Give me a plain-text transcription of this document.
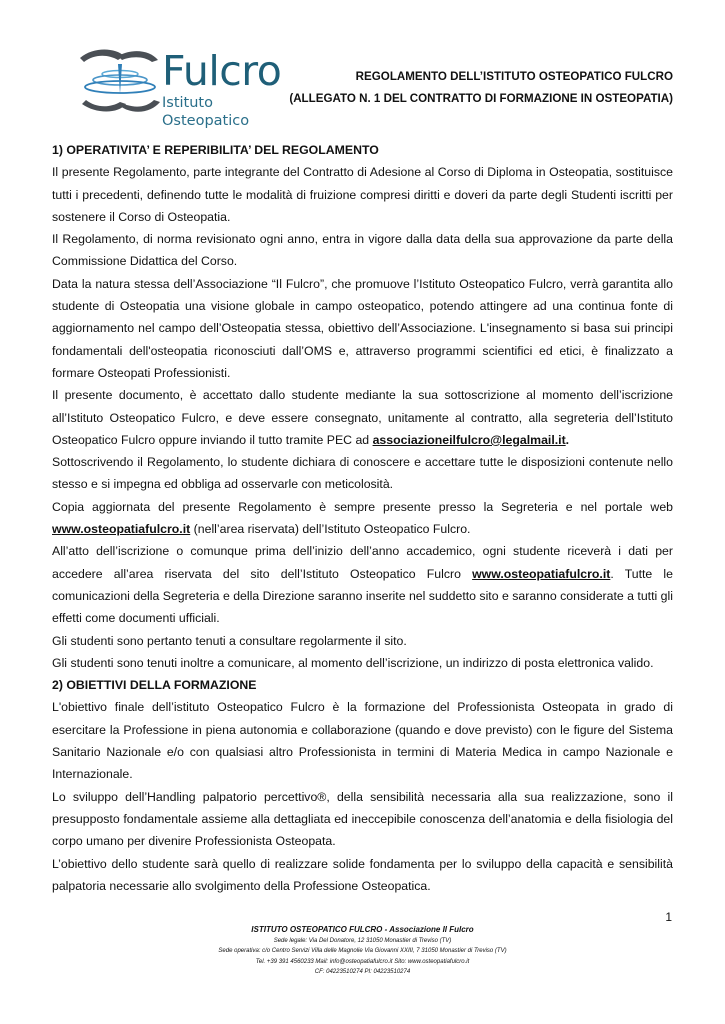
Fulcro
Istituto Osteopatico
REGOLAMENTO DELL’ISTITUTO OSTEOPATICO FULCRO
(ALLEGATO N. 1 DEL CONTRATTO DI FORMAZIONE IN OSTEOPATIA)
1) OPERATIVITA’ E REPERIBILITA’ DEL REGOLAMENTO
Il presente Regolamento, parte integrante del Contratto di Adesione al Corso di Diploma in Osteopatia, sostituisce tutti i precedenti, definendo tutte le modalità di fruizione compresi diritti e doveri da parte degli Studenti iscritti per sostenere il Corso di Osteopatia.
Il Regolamento, di norma revisionato ogni anno, entra in vigore dalla data della sua approvazione da parte della Commissione Didattica del Corso.
Data la natura stessa dell’Associazione “Il Fulcro”, che promuove l’Istituto Osteopatico Fulcro, verrà garantita allo studente di Osteopatia una visione globale in campo osteopatico, potendo attingere ad una continua fonte di aggiornamento nel campo dell’Osteopatia stessa, obiettivo dell’Associazione. L'insegnamento si basa sui principi fondamentali dell'osteopatia riconosciuti dall’OMS e, attraverso programmi scientifici ed etici, è finalizzato a formare Osteopati Professionisti.
Il presente documento, è accettato dallo studente mediante la sua sottoscrizione al momento dell’iscrizione all’Istituto Osteopatico Fulcro, e deve essere consegnato, unitamente al contratto, alla segreteria dell’Istituto Osteopatico Fulcro oppure inviando il tutto tramite PEC ad associazioneilfulcro@legalmail.it.
Sottoscrivendo il Regolamento, lo studente dichiara di conoscere e accettare tutte le disposizioni contenute nello stesso e si impegna ed obbliga ad osservarle con meticolosità.
Copia aggiornata del presente Regolamento è sempre presente presso la Segreteria e nel portale web www.osteopatiafulcro.it (nell’area riservata) dell’Istituto Osteopatico Fulcro.
All’atto dell’iscrizione o comunque prima dell’inizio dell’anno accademico, ogni studente riceverà i dati per accedere all’area riservata del sito dell’Istituto Osteopatico Fulcro www.osteopatiafulcro.it. Tutte le comunicazioni della Segreteria e della Direzione saranno inserite nel suddetto sito e saranno considerate a tutti gli effetti come documenti ufficiali.
Gli studenti sono pertanto tenuti a consultare regolarmente il sito.
Gli studenti sono tenuti inoltre a comunicare, al momento dell’iscrizione, un indirizzo di posta elettronica valido.
2) OBIETTIVI DELLA FORMAZIONE
L'obiettivo finale dell’istituto Osteopatico Fulcro è la formazione del Professionista Osteopata in grado di esercitare la Professione in piena autonomia e collaborazione (quando e dove previsto) con le figure del Sistema Sanitario Nazionale e/o con qualsiasi altro Professionista in termini di Materia Medica in campo Nazionale e Internazionale.
Lo sviluppo dell’Handling palpatorio percettivo®, della sensibilità necessaria alla sua realizzazione, sono il presupposto fondamentale assieme alla dettagliata ed ineccepibile conoscenza dell’anatomia e della fisiologia del corpo umano per divenire Professionista Osteopata.
L’obiettivo dello studente sarà quello di realizzare solide fondamenta per lo sviluppo della capacità e sensibilità palpatoria necessarie allo svolgimento della Professione Osteopatica.
1
ISTITUTO OSTEOPATICO FULCRO - Associazione Il Fulcro
Sede legale: Via Del Donatore, 12 31050 Monastier di Treviso (TV)
Sede operativa: c/o Centro Servizi Villa delle Magnolie Via Giovanni XXIII, 7 31050 Monastier di Treviso (TV)
Tel. +39 391 4560233 Mail: info@osteopatiafulcro.it Sito: www.osteopatiafulcro.it
CF: 04223510274 PI: 04223510274
